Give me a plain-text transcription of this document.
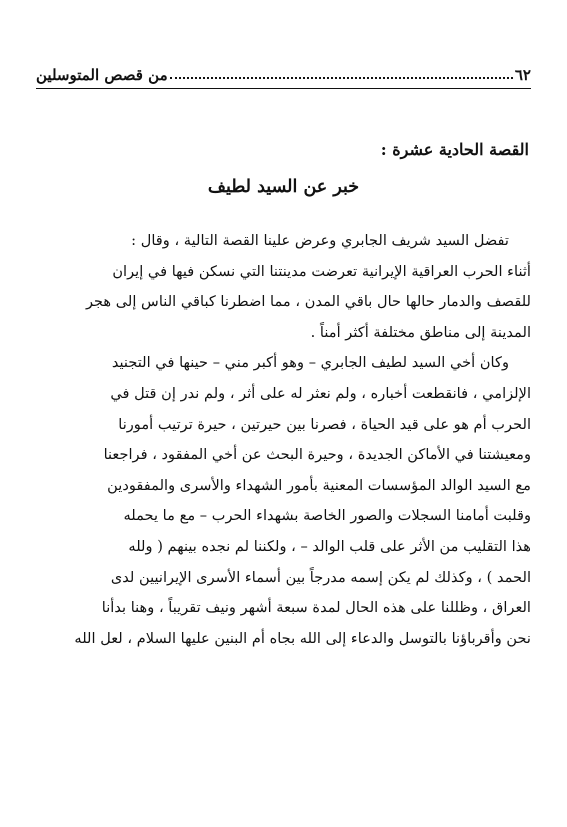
٦٢
من قصص المتوسلين
القصة الحادية عشرة :
خبر عن السيد لطيف
تفضل السيد شريف الجابري وعرض علينا القصة التالية ، وقال :
أثناء الحرب العراقية الإيرانية تعرضت مدينتنا التي نسكن فيها في إيران
للقصف والدمار حالها حال باقي المدن ، مما اضطرنا كباقي الناس إلى هجر
المدينة إلى مناطق مختلفة أكثر أمناً .
وكان أخي السيد لطيف الجابري – وهو أكبر مني – حينها في التجنيد
الإلزامي ، فانقطعت أخباره ، ولم نعثر له على أثر ، ولم ندر إن قتل في
الحرب أم هو على قيد الحياة ، فصرنا بين حيرتين ، حيرة ترتيب أمورنا
ومعيشتنا في الأماكن الجديدة ، وحيرة البحث عن أخي المفقود ، فراجعنا
مع السيد الوالد المؤسسات المعنية بأمور الشهداء والأسرى والمفقودين
وقلبت أمامنا السجلات والصور الخاصة بشهداء الحرب – مع ما يحمله
هذا التقليب من الأثر على قلب الوالد – ، ولكننا لم نجده بينهم ( ولله
الحمد ) ، وكذلك لم يكن إسمه مدرجاً بين أسماء الأسرى الإيرانيين لدى
العراق ، وظللنا على هذه الحال لمدة سبعة أشهر ونيف تقريباً ، وهنا بدأنا
نحن وأقرباؤنا بالتوسل والدعاء إلى الله بجاه أم البنين عليها السلام ، لعل الله
